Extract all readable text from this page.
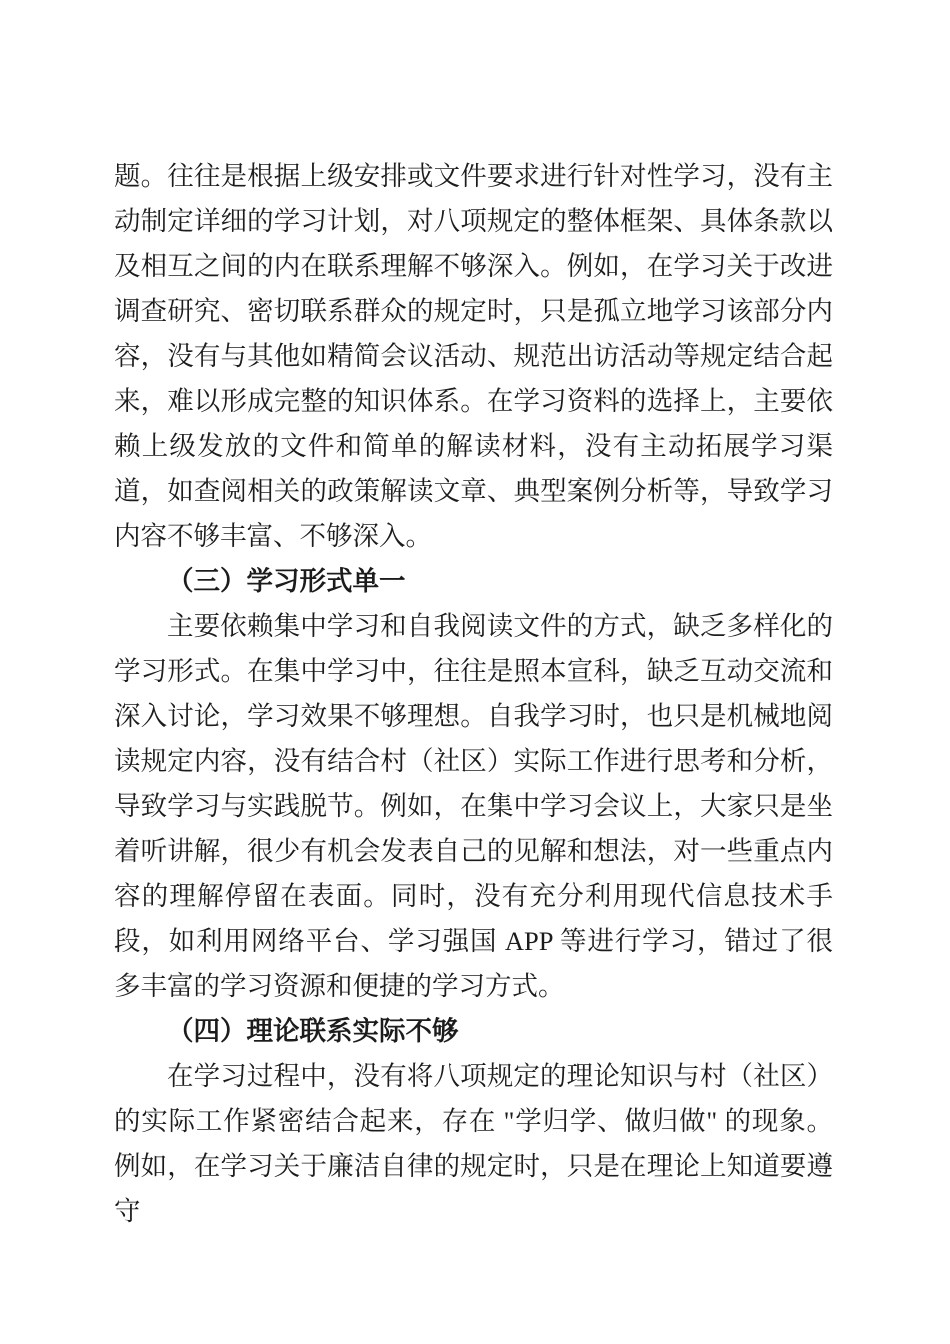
题。往往是根据上级安排或文件要求进行针对性学习，没有主动制定详细的学习计划，对八项规定的整体框架、具体条款以及相互之间的内在联系理解不够深入。例如，在学习关于改进调查研究、密切联系群众的规定时，只是孤立地学习该部分内容，没有与其他如精简会议活动、规范出访活动等规定结合起来，难以形成完整的知识体系。在学习资料的选择上，主要依赖上级发放的文件和简单的解读材料，没有主动拓展学习渠道，如查阅相关的政策解读文章、典型案例分析等，导致学习内容不够丰富、不够深入。

（三）学习形式单一

主要依赖集中学习和自我阅读文件的方式，缺乏多样化的学习形式。在集中学习中，往往是照本宣科，缺乏互动交流和深入讨论，学习效果不够理想。自我学习时，也只是机械地阅读规定内容，没有结合村（社区）实际工作进行思考和分析，导致学习与实践脱节。例如，在集中学习会议上，大家只是坐着听讲解，很少有机会发表自己的见解和想法，对一些重点内容的理解停留在表面。同时，没有充分利用现代信息技术手段，如利用网络平台、学习强国 APP 等进行学习，错过了很多丰富的学习资源和便捷的学习方式。

（四）理论联系实际不够

在学习过程中，没有将八项规定的理论知识与村（社区）的实际工作紧密结合起来，存在 "学归学、做归做" 的现象。例如，在学习关于廉洁自律的规定时，只是在理论上知道要遵守
